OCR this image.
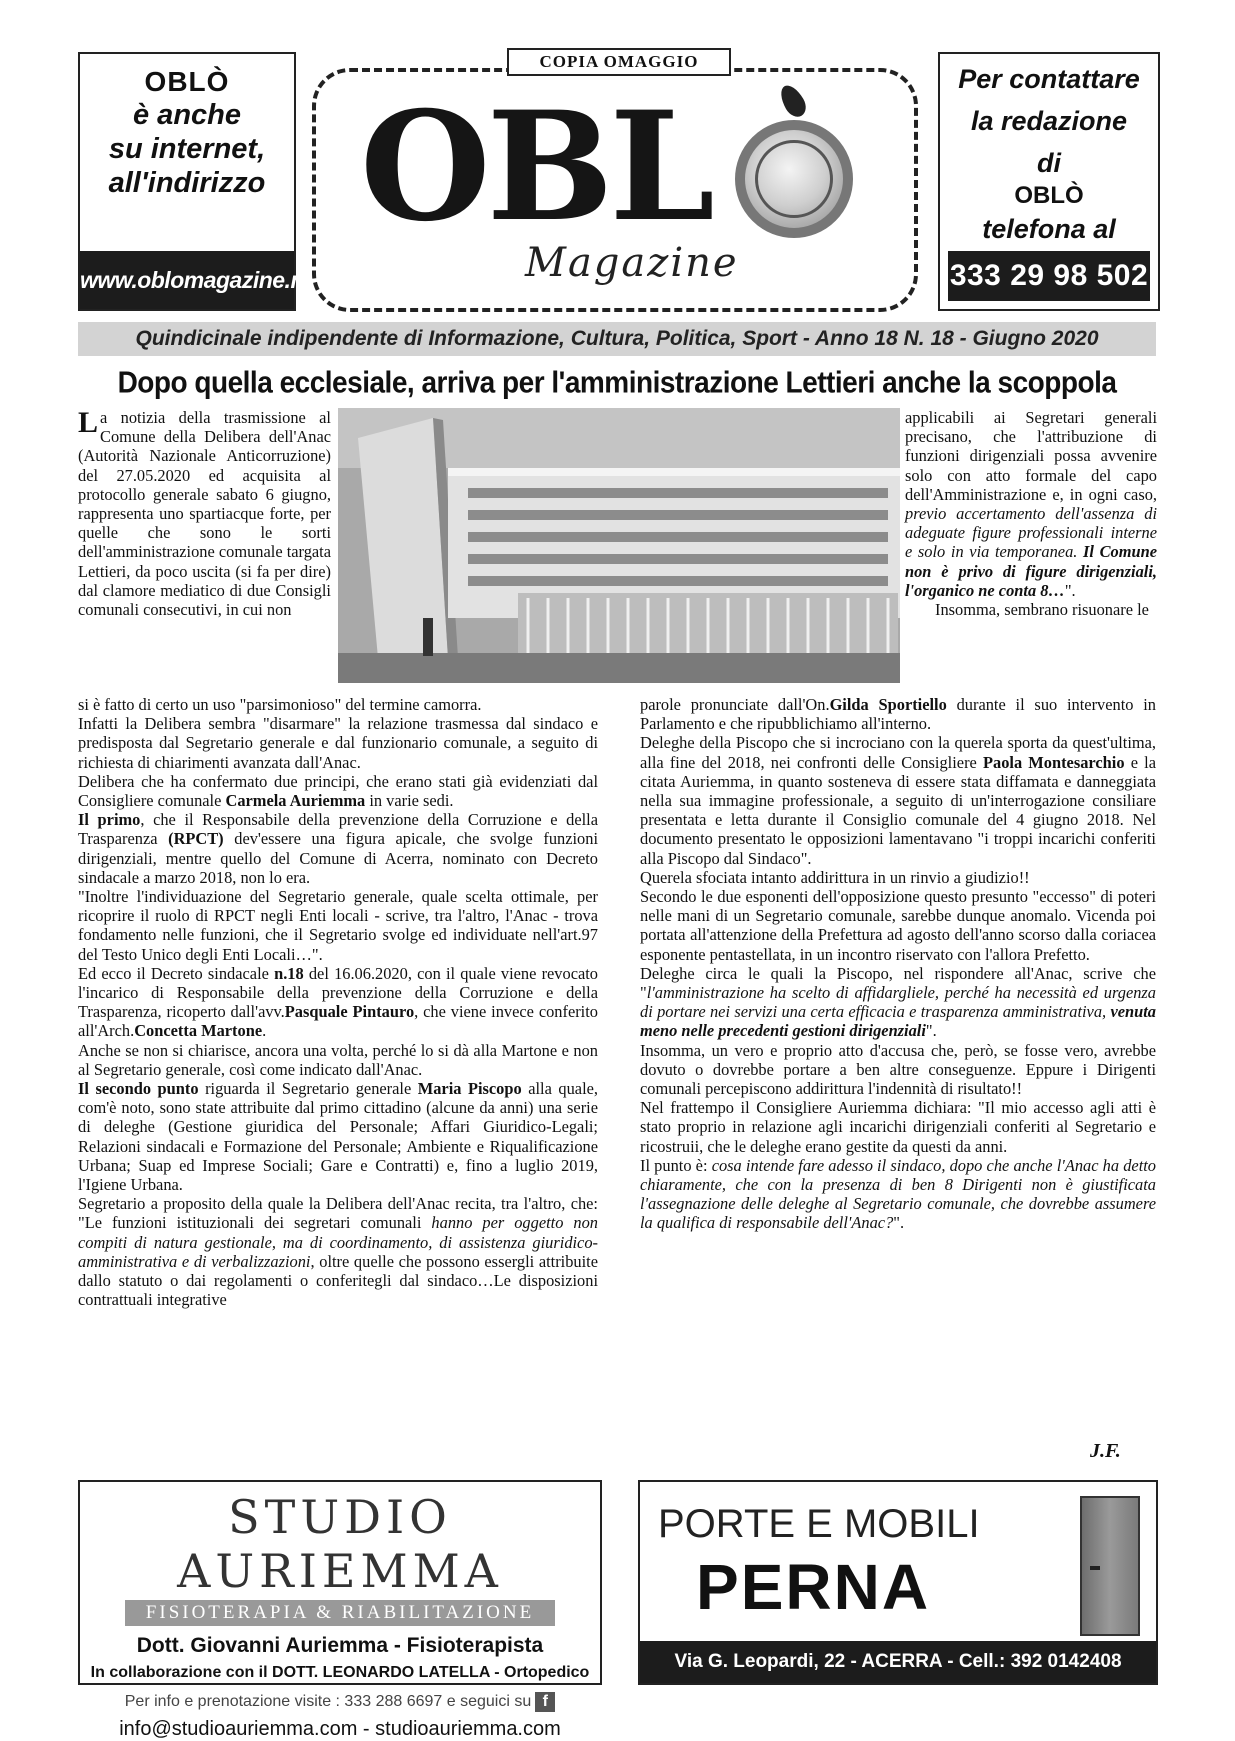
OBLÒ
è anche
su internet,
all'indirizzo
www.oblomagazine.net
COPIA OMAGGIO
OBL
Magazine
Per contattare
la redazione
di
OBLÒ
telefona al
333 29 98 502
Quindicinale indipendente di Informazione, Cultura, Politica, Sport - Anno 18 N. 18 - Giugno 2020
Dopo quella ecclesiale, arriva per l'amministrazione Lettieri anche la scoppola

La notizia della trasmissione al Comune della Delibera dell'Anac (Autorità Nazionale Anticorruzione) del 27.05.2020 ed acquisita al protocollo generale sabato 6 giugno, rappresenta uno spartiacque forte, per quelle che sono le sorti dell'amministrazione comunale targata Lettieri, da poco uscita (si fa per dire) dal clamore mediatico di due Consigli comunali consecutivi, in cui non

applicabili ai Segretari generali precisano, che l'attribuzione di funzioni dirigenziali possa avvenire solo con atto formale del capo dell'Amministrazione e, in ogni caso, previo accertamento dell'assenza di adeguate figure professionali interne e solo in via temporanea. Il Comune non è privo di figure dirigenziali, l'organico ne conta 8…".

Insomma, sembrano risuonare le

si è fatto di certo un uso "parsimonioso" del termine camorra.

Infatti la Delibera sembra "disarmare" la relazione trasmessa dal sindaco e predisposta dal Segretario generale e dal funzionario comunale, a seguito di richiesta di chiarimenti avanzata dall'Anac.

Delibera che ha confermato due principi, che erano stati già evidenziati dal Consigliere comunale Carmela Auriemma in varie sedi.

Il primo, che il Responsabile della prevenzione della Corruzione e della Trasparenza (RPCT) dev'essere una figura apicale, che svolge funzioni dirigenziali, mentre quello del Comune di Acerra, nominato con Decreto sindacale a marzo 2018, non lo era.

"Inoltre l'individuazione del Segretario generale, quale scelta ottimale, per ricoprire il ruolo di RPCT negli Enti locali - scrive, tra l'altro, l'Anac - trova fondamento nelle funzioni, che il Segretario svolge ed individuate nell'art.97 del Testo Unico degli Enti Locali…".

Ed ecco il Decreto sindacale n.18 del 16.06.2020, con il quale viene revocato l'incarico di Responsabile della prevenzione della Corruzione e della Trasparenza, ricoperto dall'avv.Pasquale Pintauro, che viene invece conferito all'Arch.Concetta Martone.

Anche se non si chiarisce, ancora una volta, perché lo si dà alla Martone e non al Segretario generale, così come indicato dall'Anac.

Il secondo punto riguarda il Segretario generale Maria Piscopo alla quale, com'è noto, sono state attribuite dal primo cittadino (alcune da anni) una serie di deleghe (Gestione giuridica del Personale; Affari Giuridico-Legali; Relazioni sindacali e Formazione del Personale; Ambiente e Riqualificazione Urbana; Suap ed Imprese Sociali; Gare e Contratti) e, fino a luglio 2019, l'Igiene Urbana.

Segretario a proposito della quale la Delibera dell'Anac recita, tra l'altro, che: "Le funzioni istituzionali dei segretari comunali hanno per oggetto non compiti di natura gestionale, ma di coordinamento, di assistenza giuridico-amministrativa e di verbalizzazioni, oltre quelle che possono essergli attribuite dallo statuto o dai regolamenti o conferitegli dal sindaco…Le disposizioni contrattuali integrative

parole pronunciate dall'On.Gilda Sportiello durante il suo intervento in Parlamento e che ripubblichiamo all'interno.

Deleghe della Piscopo che si incrociano con la querela sporta da quest'ultima, alla fine del 2018, nei confronti delle Consigliere Paola Montesarchio e la citata Auriemma, in quanto sosteneva di essere stata diffamata e danneggiata nella sua immagine professionale, a seguito di un'interrogazione consiliare presentata e letta durante il Consiglio comunale del 4 giugno 2018. Nel documento presentato le opposizioni lamentavano "i troppi incarichi conferiti alla Piscopo dal Sindaco".

Querela sfociata intanto addirittura in un rinvio a giudizio!!

Secondo le due esponenti dell'opposizione questo presunto "eccesso" di poteri nelle mani di un Segretario comunale, sarebbe dunque anomalo. Vicenda poi portata all'attenzione della Prefettura ad agosto dell'anno scorso dalla coriacea esponente pentastellata, in un incontro riservato con l'allora Prefetto.

Deleghe circa le quali la Piscopo, nel rispondere all'Anac, scrive che "l'amministrazione ha scelto di affidargliele, perché ha necessità ed urgenza di portare nei servizi una certa efficacia e trasparenza amministrativa, venuta meno nelle precedenti gestioni dirigenziali".

Insomma, un vero e proprio atto d'accusa che, però, se fosse vero, avrebbe dovuto o dovrebbe portare a ben altre conseguenze. Eppure i Dirigenti comunali percepiscono addirittura l'indennità di risultato!!

Nel frattempo il Consigliere Auriemma dichiara: "Il mio accesso agli atti è stato proprio in relazione agli incarichi dirigenziali conferiti al Segretario e ricostruii, che le deleghe erano gestite da questi da anni.

Il punto è: cosa intende fare adesso il sindaco, dopo che anche l'Anac ha detto chiaramente, che con la presenza di ben 8 Dirigenti non è giustificata l'assegnazione delle deleghe al Segretario comunale, che dovrebbe assumere la qualifica di responsabile dell'Anac?".

J.F.
STUDIO AURIEMMA
FISIOTERAPIA & RIABILITAZIONE
Dott. Giovanni Auriemma - Fisioterapista
In collaborazione con il DOTT. LEONARDO LATELLA - Ortopedico
Per info e prenotazione visite : 333 288 6697 e seguici su f
info@studioauriemma.com - studioauriemma.com
PORTE E MOBILI
PERNA
Via G. Leopardi, 22 - ACERRA - Cell.: 392 0142408
